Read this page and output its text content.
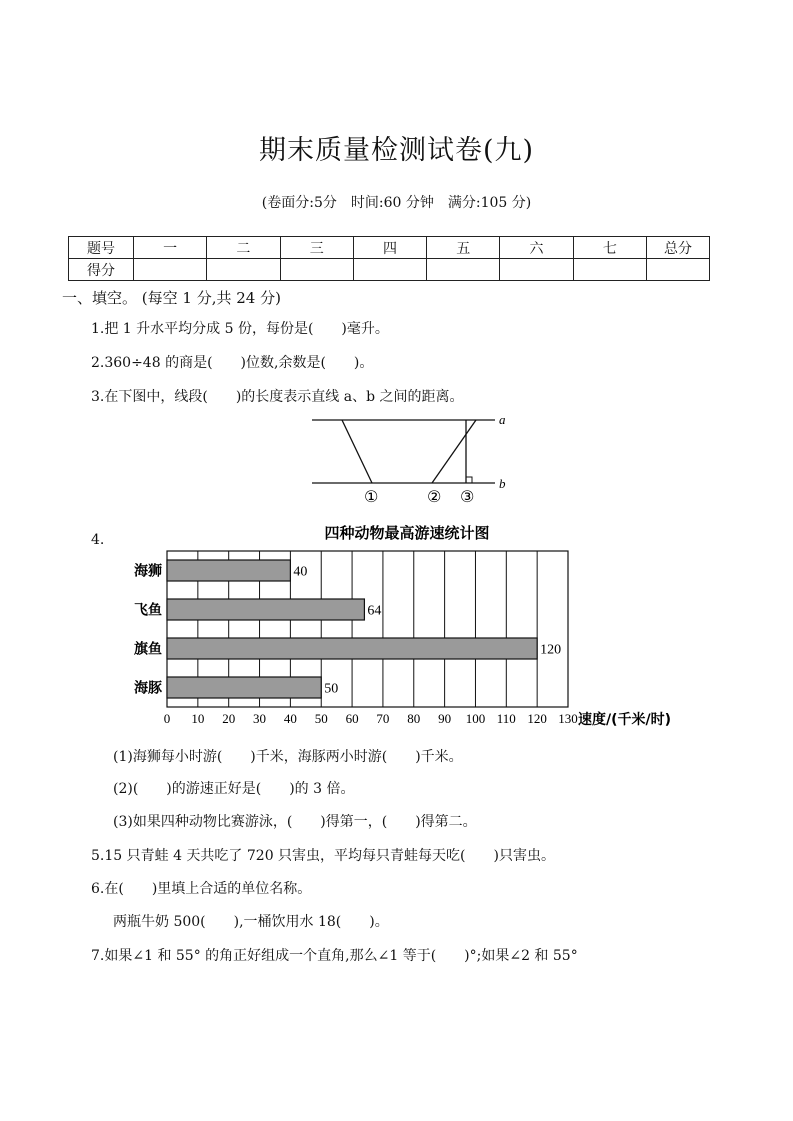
期末质量检测试卷(九)
(卷面分:5分　时间:60 分钟　满分:105 分)
题号	一	二	三	四	五	六	七	总分
得分								
一、填空。 (每空 1 分,共 24 分)
1.把 1 升水平均分成 5 份，每份是(　　)毫升。
2.360÷48 的商是(　　)位数,余数是(　　)。
3.在下图中，线段(　　)的长度表示直线 a、b 之间的距离。
a
b
①	② ③
4.	四种动物最高游速统计图
海狮	40
飞鱼	64
旗鱼	120
海豚	50
0 10 20 30 40 50 60 70 80 90 100 110 120 130 速度/(千米/时)
(1)海狮每小时游(　　)千米，海豚两小时游(　　)千米。
(2)(　　)的游速正好是(　　)的 3 倍。
(3)如果四种动物比赛游泳，(　　)得第一，(　　)得第二。
5.15 只青蛙 4 天共吃了 720 只害虫，平均每只青蛙每天吃(　　)只害虫。
6.在(　　)里填上合适的单位名称。
两瓶牛奶 500(　　),一桶饮用水 18(　　)。
7.如果∠1 和 55° 的角正好组成一个直角,那么∠1 等于(　　)°;如果∠2 和 55°
